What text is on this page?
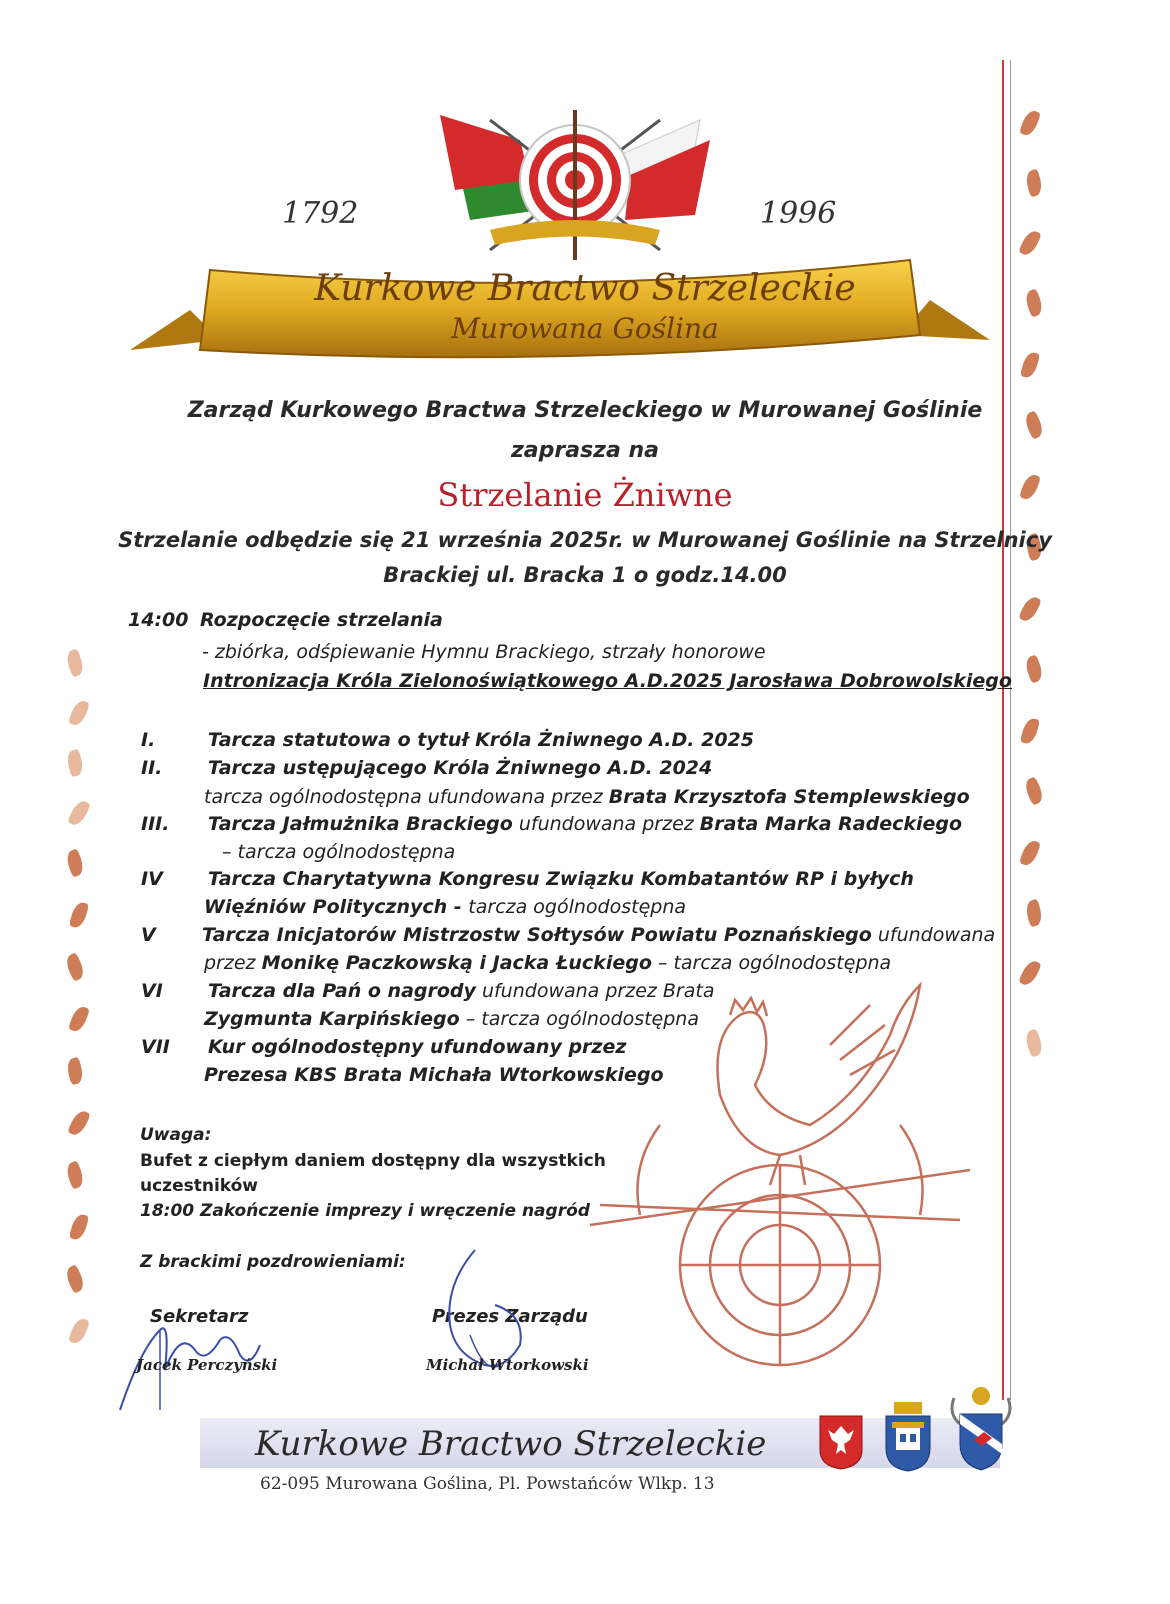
1792	1996
Kurkowe Bractwo Strzeleckie
Murowana Goślina
Zarząd Kurkowego Bractwa Strzeleckiego w Murowanej Goślinie
zaprasza na
Strzelanie Żniwne
Strzelanie odbędzie się 21 września 2025r. w Murowanej Goślinie na Strzelnicy
Brackiej ul. Bracka 1 o godz.14.00
14:00 Rozpoczęcie strzelania
- zbiórka, odśpiewanie Hymnu Brackiego, strzały honorowe
Intronizacja Króla Zielonoświątkowego A.D.2025 Jarosława Dobrowolskiego
I.	Tarcza statutowa o tytuł Króla Żniwnego A.D. 2025
II. Tarcza ustępującego Króla Żniwnego A.D. 2024
tarcza ogólnodostępna ufundowana przez Brata Krzysztofa Stemplewskiego
III. Tarcza Jałmużnika Brackiego ufundowana przez Brata Marka Radeckiego
– tarcza ogólnodostępna
IV Tarcza Charytatywna Kongresu Związku Kombatantów RP i byłych
Więźniów Politycznych - tarcza ogólnodostępna
V Tarcza Inicjatorów Mistrzostw Sołtysów Powiatu Poznańskiego ufundowana
przez Monikę Paczkowską i Jacka Łuckiego – tarcza ogólnodostępna
VI Tarcza dla Pań o nagrody ufundowana przez Brata
Zygmunta Karpińskiego – tarcza ogólnodostępna
VII Kur ogólnodostępny ufundowany przez
Prezesa KBS Brata Michała Wtorkowskiego
Uwaga:
Bufet z ciepłym daniem dostępny dla wszystkich
uczestników
18:00 Zakończenie imprezy i wręczenie nagród
Z brackimi pozdrowieniami:
Sekretarz
Jacek Perczyński
Prezes Zarządu
Michał Wtorkowski
Kurkowe Bractwo Strzeleckie
62-095 Murowana Goślina, Pl. Powstańców Wlkp. 13
